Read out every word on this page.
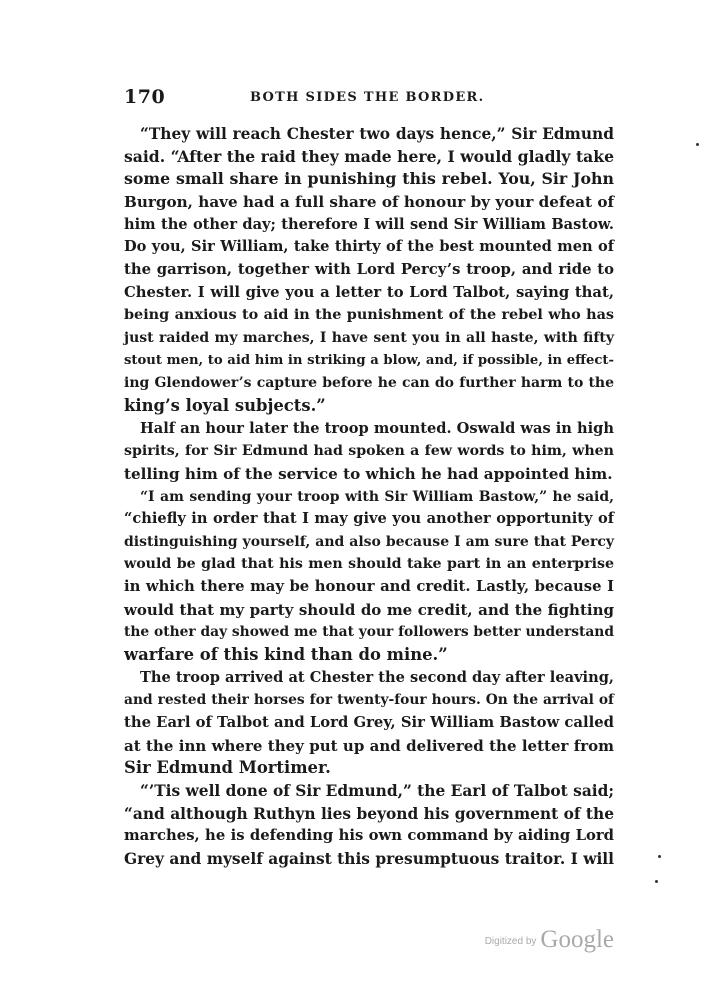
170	BOTH SIDES THE BORDER.
“They will reach Chester two days hence,” Sir Edmund
said. “After the raid they made here, I would gladly take
some small share in punishing this rebel. You, Sir John
Burgon, have had a full share of honour by your defeat of
him the other day; therefore I will send Sir William Bastow.
Do you, Sir William, take thirty of the best mounted men of
the garrison, together with Lord Percy’s troop, and ride to
Chester. I will give you a letter to Lord Talbot, saying that,
being anxious to aid in the punishment of the rebel who has
just raided my marches, I have sent you in all haste, with fifty
stout men, to aid him in striking a blow, and, if possible, in effect-
ing Glendower’s capture before he can do further harm to the
king’s loyal subjects.”
Half an hour later the troop mounted. Oswald was in high
spirits, for Sir Edmund had spoken a few words to him, when
telling him of the service to which he had appointed him.
“I am sending your troop with Sir William Bastow,” he said,
“chiefly in order that I may give you another opportunity of
distinguishing yourself, and also because I am sure that Percy
would be glad that his men should take part in an enterprise
in which there may be honour and credit. Lastly, because I
would that my party should do me credit, and the fighting
the other day showed me that your followers better understand
warfare of this kind than do mine.”
The troop arrived at Chester the second day after leaving,
and rested their horses for twenty-four hours. On the arrival of
the Earl of Talbot and Lord Grey, Sir William Bastow called
at the inn where they put up and delivered the letter from
Sir Edmund Mortimer.
“’Tis well done of Sir Edmund,” the Earl of Talbot said;
“and although Ruthyn lies beyond his government of the
marches, he is defending his own command by aiding Lord
Grey and myself against this presumptuous traitor. I will
Digitized by Google
